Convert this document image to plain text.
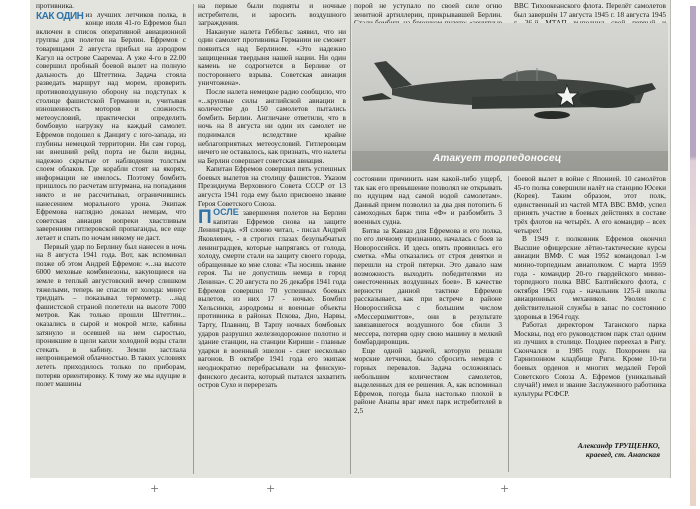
противника.

КАК ОДИН из лучших летчиков полка, в конце июля 41-го Ефремов был включен в список оперативной авиационной группы для полетов на Берлин. Ефремов с товарищами 2 августа прибыл на аэродром Кагул на острове Сааремаа. А уже 4-го в 22.00 совершил пробный боевой вылет на полную дальность до Штеттина. Задача стояла разведать маршрут над морем, проверить противовоздушную оборону на подступах к столице фашистской Германии и, учитывая изношенность моторов и сложность метеоусловий, практически определить бомбовую нагрузку на каждый самолет. Ефремов подошел к Данцигу с юго-запада, из глубины немецкой территории. Ни сам город, ни внешний рейд порта не были видны, надежно скрытые от наблюдения толстым слоем облаков. Где корабли стоят на якорях, информации не имелось. Поэтому бомбить пришлось по расчетам штурмана, на попадания никто и не рассчитывал, ограничившись нанесением морального урона. Экипаж Ефремова наглядно доказал немцам, что советская авиация вопреки хвастливым заверениям гитлеровской пропаганды, все еще летает и спать по ночам никому не даст.

Первый удар по Берлину был нанесен в ночь на 8 августа 1941 года. Вот, как вспоминал позже об этом Андрей Ефремов: «...на высоте 6000 меховые комбинезоны, какующиеся на земле в теплый августовский вечер слишком тяжелыми, теперь не спасли от холода: минус тридцать – показывал термометр. ...над фашистской страной полетели на высоте 7000 метров. Как только прошли Штеттин... оказались в сырой и мокрой мгле, кабины затянуло и осевшей на нем сыростью, проникшие в щели капли холодной воды стали стекать в кабину. Земли застлала непроницаемой облачностью. В таких условиях лететь приходилось только по приборам, потеряв ориентировку. К тому же мы идущие в полет машины

на первые были подняты и ночные истребители, и заросить воздушного заграждения.

Накануне налета Геббельс заявил, что ни один самолет противника Германии не сможет появиться над Берлином. «Это надежно защищенная твердыня нашей нации. Ни один камень не содрогнется в Берлине от постороннего взрыва. Советская авиация уничтожена».

После налета немецкое радио сообщило, что «...крупные силы английской авиации в количестве до 150 самолетов пытались бомбить Берлин. Англичане ответили, что в ночь на 8 августа ни один их самолет не поднимался вследствие крайне неблагоприятных метеоусловий. Гитлеровцам ничего не оставалось, как признать, что налеты на Берлин совершает советская авиация.

Капитан Ефремов совершил пять успешных боевых вылетов на столицу фашистов. Указом Президиума Верховного Совета СССР от 13 августа 1941 года ему было присвоено звание Героя Советского Союза.

ПОСЛЕ завершения полетов на Берлин капитан Ефремов снова на защите Ленинграда. «Я словно читал, - писал Андрей Яковлевич, - в строгих глазах безупыбчатых ленинградцев, которые напрягаясь от голода, холоду, смерти стали на защиту своего города, обращенные ко мне слова: «Ты носишь звание героя. Ты не допустишь немца в город Ленина». С 20 августа по 26 декабря 1941 года Ефремов совершил 70 успешных боевых вылетов, из них 17 - ночью. Бомбил Хельсинки, аэродромы и военные объекты противника в районах Пскова, Дно, Нарвы, Тарту, Плавниц. В Тарпу ночных бомбовых ударов разрушил железнодорожное полотно и здание станции, на станции Кириши - главные ударки в военный эшелон - сжег несколько вагонов. В октябре 1941 года его экипаж неоднократно перебрасывали на финскую-финского десанта, который пытался захватить остров Сухо и перерезать

порой не уступало по своей силе огню зенитной артиллерии, прикрывавшей Берлин.

ВВС Тихоокеанского флота. Перелёт самолетов был завершён 17 августа 1945 г. 18 августа 1945

Атакует торпедоносец

состоянии причинить нам какой-либо ущерб, так как его превышение позволял не открывать по идущим над самой водой самолетам». Данный прием позволил за два дня потопить 6 самоходных барж типа «Ф» и разбомбить 3 военных судна.

Битва за Кавказ для Ефремова и его полка, по его личному признанию, началась с боев за Новороссийск. И здесь опять проявилась его сметка. «Мы отказались от строя девятки и перешли на строй пятерки. Это давало нам возможность выходить победителями из ожесточенных воздушных боев». В качестве верности данной тактике Ефремов рассказывает, как при встрече в районе Новороссийска с большим числом «Мессершмиттов», они в результате завязавшегося воздушного боя сбили 3 мессера, потеряв одну свою машину в мелкий бомбардировщик.

Еще одной задачей, которую решали морские летчики, было сбросить немцев с горных перевалов. Задача осложнялась небольшим количеством самолетов, выделенных для ее решения. А, как вспоминал Ефремов, погода была настолько плохой в районе Анапы враг имел парк истребителей в 2,5

боевой вылет в войне с Японией. 10 самолётов 45-го полка совершили налёт на станцию Юсеки (Корея). Таким образом, этот полк, единственный из частей МТА ВВС ВМФ, успел принять участие в боевых действиях в составе трёх флотов на четырёх. А его командир – всех четырех!

В 1949 г. полковник Ефремов окончил Высшие офицерские лётно-тактические курсы авиации ВМФ. С мая 1952 командовал 1-м минно-торпедным авиаполком. С марта 1959 года - командир 20-го гвардейского минно-торпедного полка ВВС Балтийского флота, с октября 1963 года - начальник 125-й школы авиационных механиков. Уволен с действительной службы в запас по состоянию здоровья в 1964 году.

Работал директором Таганского парка Москвы, под его руководством парк стал одним из лучших в столице. Позднее переехал в Ригу. Скончался в 1985 году. Похоронен на Гарнизонном кладбище Риги. Кроме 10-ти боевых орденов и многих медалей Герой Советского Союза А. Ефремов (уникальный случай!) имел и звание Заслуженного работника культуры РСФСР.

Александр ТРУЩЕНКО,
краевед, ст. Анапская
+	+	+
